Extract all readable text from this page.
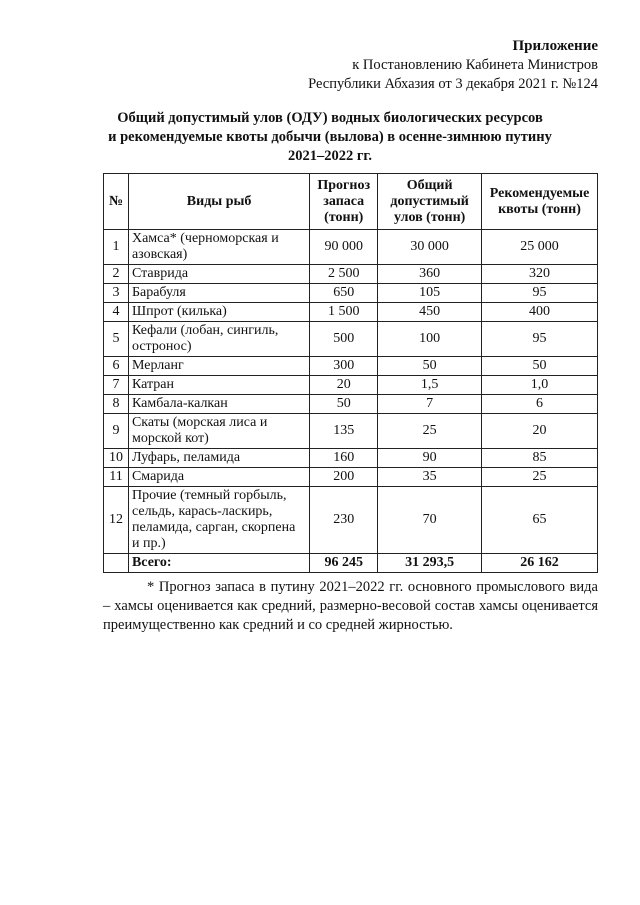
Приложение
к Постановлению Кабинета Министров
Республики Абхазия от 3 декабря 2021 г. №124
Общий допустимый улов (ОДУ) водных биологических ресурсов
и рекомендуемые квоты добычи (вылова) в осенне-зимнюю путину
2021–2022 гг.
№	Виды рыб	Прогноз запаса (тонн)	Общий допустимый улов (тонн)	Рекомендуемые квоты (тонн)
1	Хамса* (черноморская и азовская)	90 000	30 000	25 000
2	Ставрида	2 500	360	320
3	Барабуля	650	105	95
4	Шпрот (килька)	1 500	450	400
5	Кефали (лобан, сингиль, остронос)	500	100	95
6	Мерланг	300	50	50
7	Катран	20	1,5	1,0
8	Камбала-калкан	50	7	6
9	Скаты (морская лиса и морской кот)	135	25	20
10	Луфарь, пеламида	160	90	85
11	Смарида	200	35	25
12	Прочие (темный горбыль, сельдь, карась-ласкирь, пеламида, сарган, скорпена и пр.)	230	70	65
	Всего:	96 245	31 293,5	26 162
* Прогноз запаса в путину 2021–2022 гг. основного промыслового вида – хамсы оценивается как средний, размерно-весовой состав хамсы оценивается преимущественно как средний и со средней жирностью.
